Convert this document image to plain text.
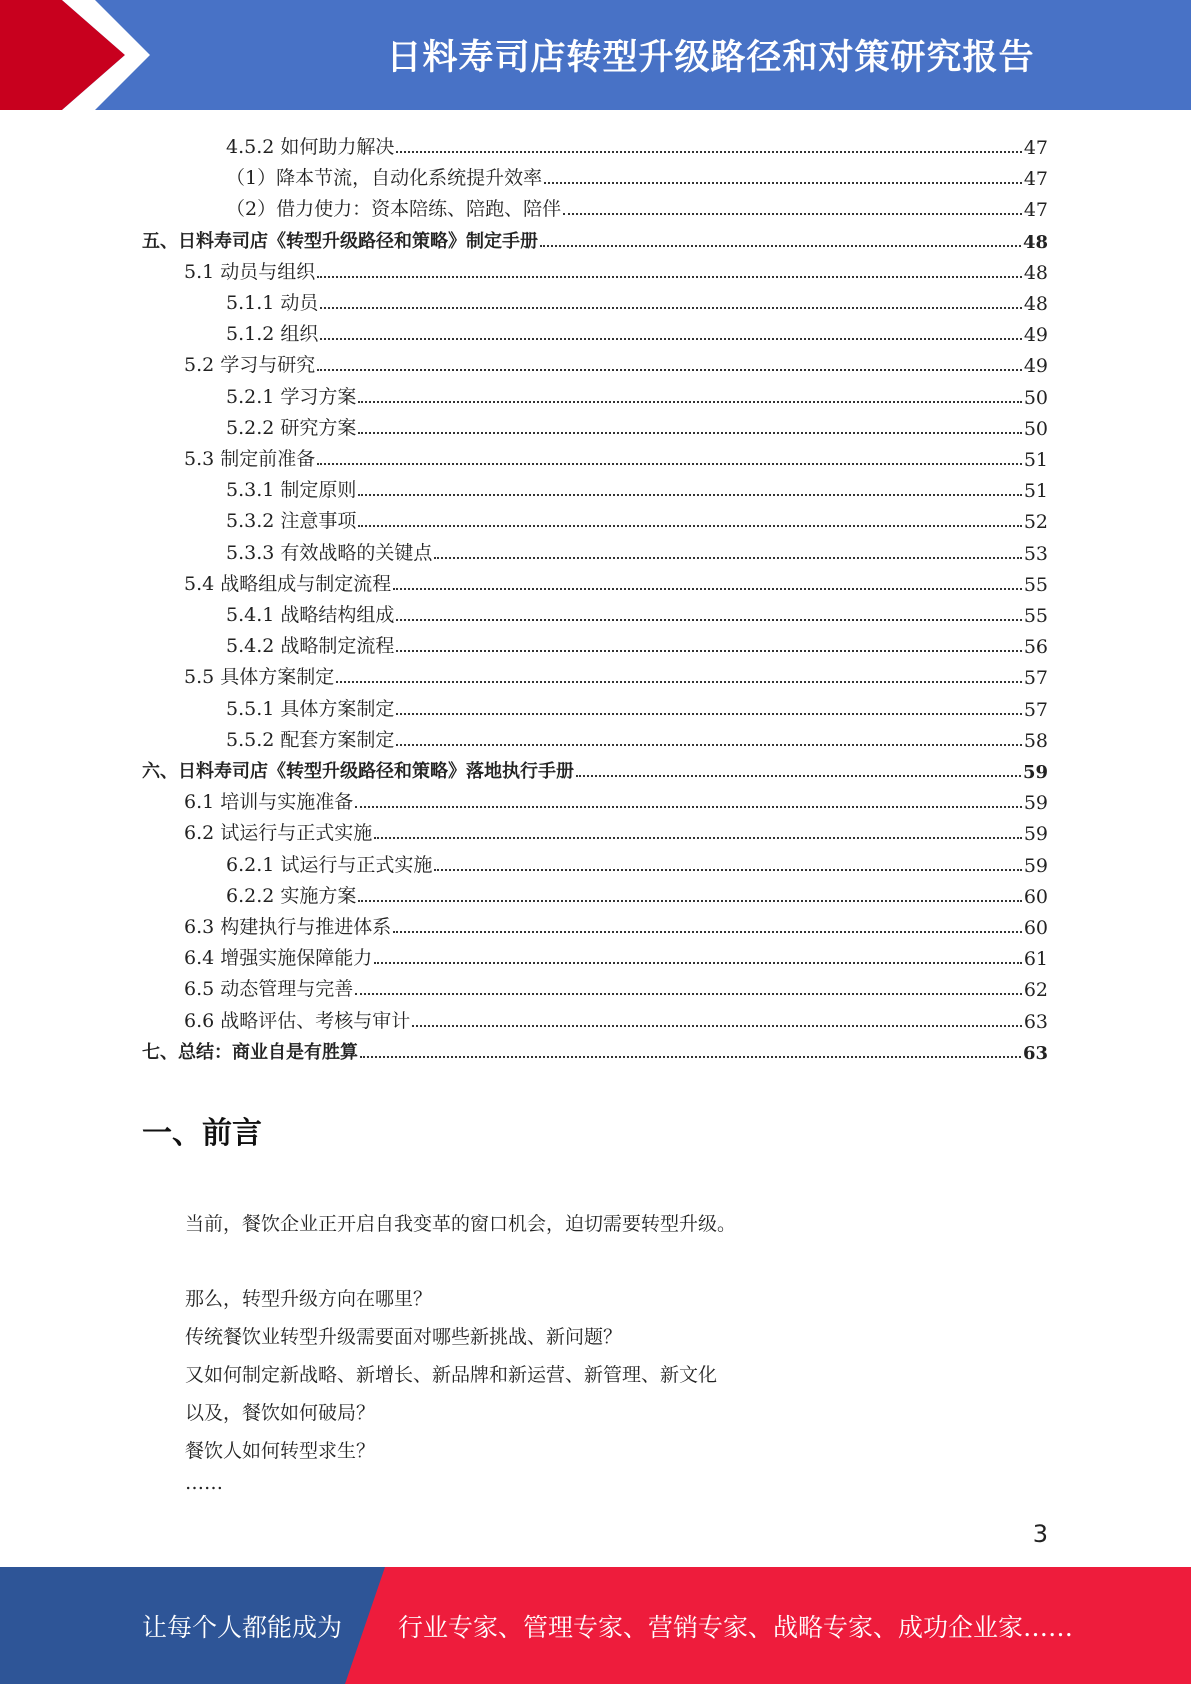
日料寿司店转型升级路径和对策研究报告
4.5.2 如何助力解决	47
（1）降本节流，自动化系统提升效率	47
（2）借力使力：资本陪练、陪跑、陪伴	47
五、日料寿司店《转型升级路径和策略》制定手册	48
5.1 动员与组织	48
5.1.1 动员	48
5.1.2 组织	49
5.2 学习与研究	49
5.2.1 学习方案	50
5.2.2 研究方案	50
5.3 制定前准备	51
5.3.1 制定原则	51
5.3.2 注意事项	52
5.3.3 有效战略的关键点	53
5.4 战略组成与制定流程	55
5.4.1 战略结构组成	55
5.4.2 战略制定流程	56
5.5 具体方案制定	57
5.5.1 具体方案制定	57
5.5.2 配套方案制定	58
六、日料寿司店《转型升级路径和策略》落地执行手册	59
6.1 培训与实施准备	59
6.2 试运行与正式实施	59
6.2.1 试运行与正式实施	59
6.2.2 实施方案	60
6.3 构建执行与推进体系	60
6.4 增强实施保障能力	61
6.5 动态管理与完善	62
6.6 战略评估、考核与审计	63
七、总结：商业自是有胜算	63
一、前言
当前，餐饮企业正开启自我变革的窗口机会，迫切需要转型升级。
那么，转型升级方向在哪里？
传统餐饮业转型升级需要面对哪些新挑战、新问题？
又如何制定新战略、新增长、新品牌和新运营、新管理、新文化
以及，餐饮如何破局？
餐饮人如何转型求生？
……
3
让每个人都能成为 行业专家、管理专家、营销专家、战略专家、成功企业家……
